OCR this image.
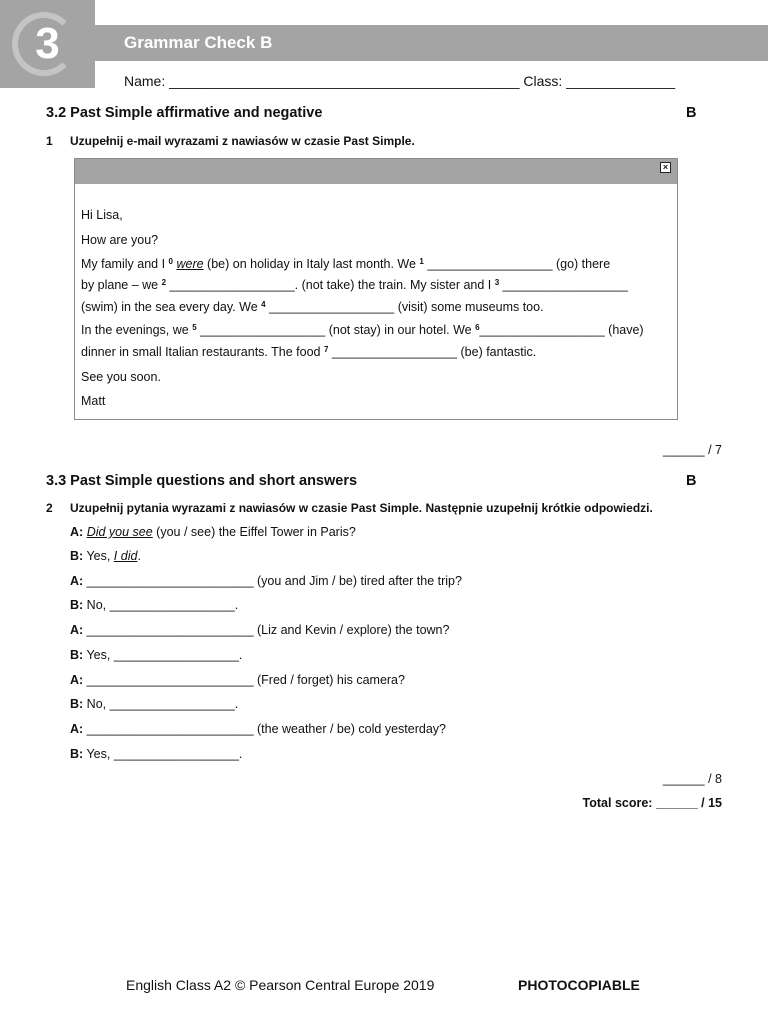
3	Grammar Check B
Name: _____________________________________________ Class: ______________
3.2 Past Simple affirmative and negative	B
1 Uzupełnij e-mail wyrazami z nawiasów w czasie Past Simple.
×
Hi Lisa,
How are you?
My family and I $^0$ were (be) on holiday in Italy last month. We $^1$ __________________ (go) there
by plane – we $^2$ __________________. (not take) the train. My sister and I $^3$ __________________
(swim) in the sea every day. We $^4$ __________________ (visit) some museums too.
In the evenings, we $^5$ __________________ (not stay) in our hotel. We $^6$__________________ (have)
dinner in small Italian restaurants. The food $^7$ __________________ (be) fantastic.
See you soon.
Matt
______ / 7
3.3 Past Simple questions and short answers	B
2 Uzupełnij pytania wyrazami z nawiasów w czasie Past Simple. Następnie uzupełnij krótkie odpowiedzi.
A: Did you see (you / see) the Eiffel Tower in Paris?
B: Yes, I did.
A: ________________________ (you and Jim / be) tired after the trip?
B: No, __________________.
A: ________________________ (Liz and Kevin / explore) the town?
B: Yes, __________________.
A: ________________________ (Fred / forget) his camera?
B: No, __________________.
A: ________________________ (the weather / be) cold yesterday?
B: Yes, __________________.
______ / 8
Total score: ______ / 15
English Class A2 © Pearson Central Europe 2019	PHOTOCOPIABLE
